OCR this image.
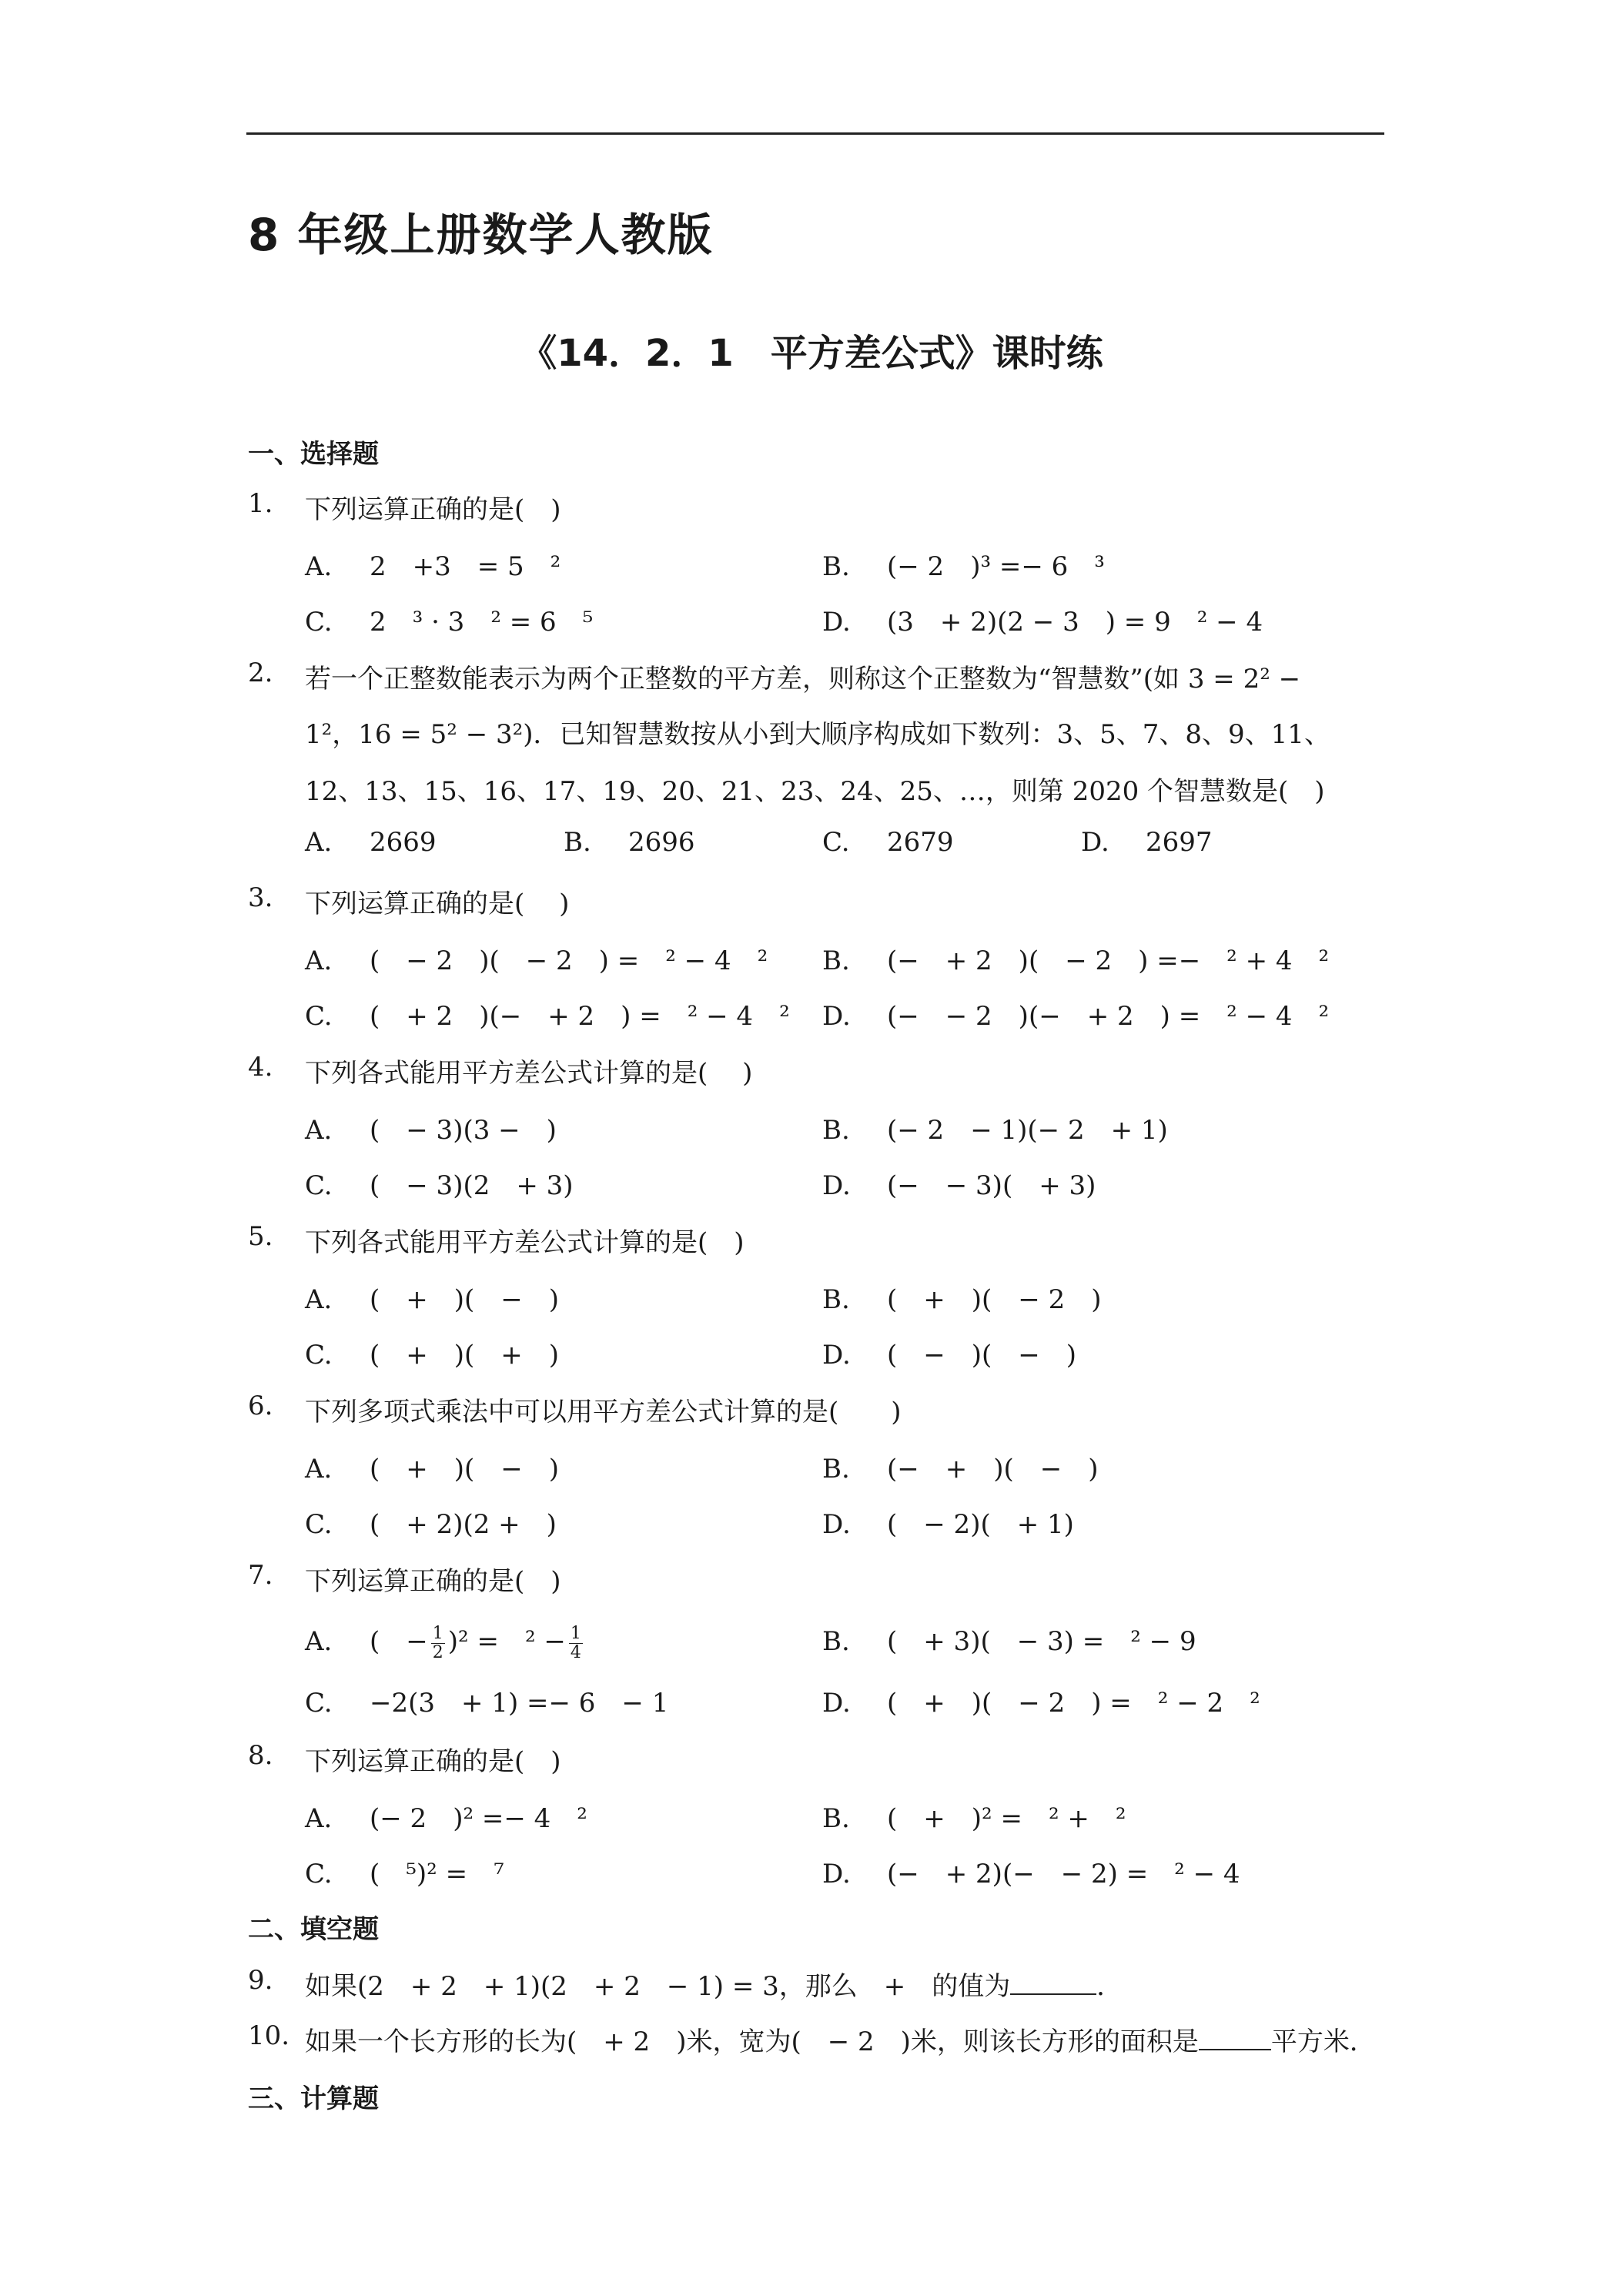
8 年级上册数学人教版
《14．2．1　平方差公式》课时练
一、选择题
1. 下列运算正确的是(　)
A. 2　+3　= 5　²	B. (− 2　)³ =− 6　³
C. 2　³ · 3　² = 6　⁵	D. (3　+ 2)(2 − 3　) = 9　² − 4
2. 若一个正整数能表示为两个正整数的平方差，则称这个正整数为“智慧数”(如 3 = 2² −
1²，16 = 5² − 3²)．已知智慧数按从小到大顺序构成如下数列：3、5、7、8、9、11、
12、13、15、16、17、19、20、21、23、24、25、…，则第 2020 个智慧数是(　)
A. 2669	B. 2696	C. 2679	D. 2697
3. 下列运算正确的是(　 )
A. (　− 2　)(　− 2　) =　² − 4　² B. (−　+ 2　)(　− 2　) =−　² + 4　²
C. (　+ 2　)(−　+ 2　) =　² − 4　² D. (−　− 2　)(−　+ 2　) =　² − 4　²
4. 下列各式能用平方差公式计算的是(　 )
A. (　− 3)(3 −　)	B. (− 2　− 1)(− 2　+ 1)
C. (　− 3)(2　+ 3)	D. (−　− 3)(　+ 3)
5. 下列各式能用平方差公式计算的是(　)
A. (　+　)(　−　)	B. (　+　)(　− 2　)
C. (　+　)(　+　)	D. (　−　)(　−　)
6. 下列多项式乘法中可以用平方差公式计算的是(　　)
A. (　+　)(　−　)	B. (−　+　)(　−　)
C. (　+ 2)(2 +　)	D. (　− 2)(　+ 1)
7. 下列运算正确的是(　)
A. (　− $\frac{1}{2} )^2$ =　$^2 - \frac{1}{4}$	B. (　+ 3)(　− 3) =　² − 9
C. −2(3　+ 1) =− 6　− 1	D. (　+　)(　− 2　) =　² − 2　²
8. 下列运算正确的是(　)
A. (− 2　)² =− 4　²	B. (　+　)² =　² +　²
C. (　⁵)² =　⁷	D. (−　+ 2)(−　− 2) =　² − 4
二、填空题
9. 如果(2　+ 2　+ 1)(2　+ 2　− 1) = 3，那么　+　的值为	．
10. 如果一个长方形的长为(　+ 2　)米，宽为(　− 2　)米，则该长方形的面积是	平方米．
三、计算题
